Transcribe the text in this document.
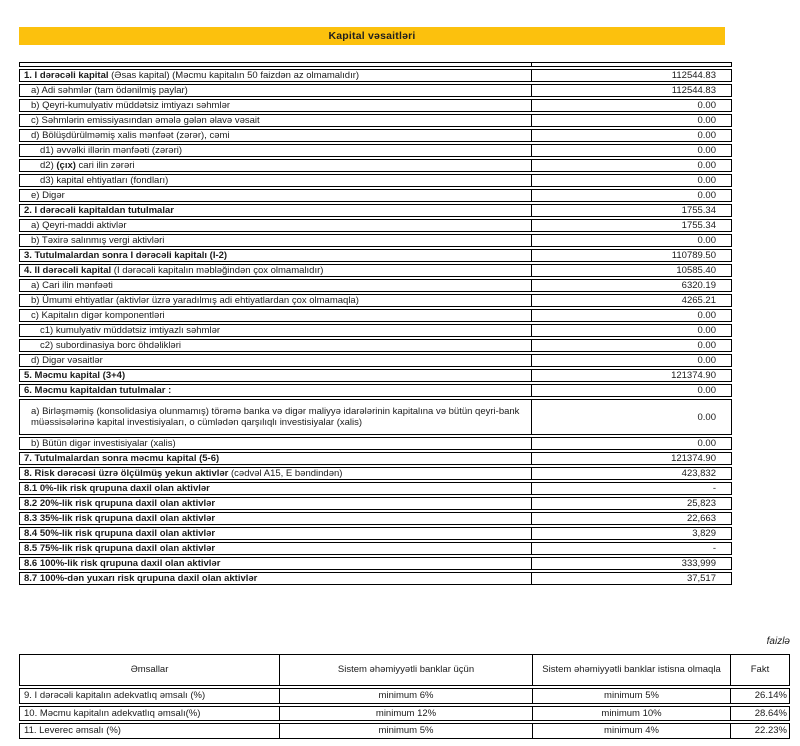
Kapital vəsaitləri

1. I dərəcəli kapital (Əsas kapital) (Məcmu kapitalın 50 faizdən az olmamalıdır)	112544.83
a) Adi səhmlər (tam ödənilmiş paylar)	112544.83
b) Qeyri-kumulyativ müddətsiz imtiyazı səhmlər	0.00
c) Səhmlərin emissiyasından əmələ gələn əlavə vəsait	0.00
d) Bölüşdürülməmiş xalis mənfəət (zərər), cəmi	0.00
d1) əvvəlki illərin mənfəəti (zərəri)	0.00
d2) (çıx) cari ilin zərəri	0.00
d3) kapital ehtiyatları (fondları)	0.00
e) Digər	0.00
2. I dərəcəli kapitaldan tutulmalar	1755.34
a) Qeyri-maddi aktivlər	1755.34
b) Təxirə salınmış vergi aktivləri	0.00
3. Tutulmalardan sonra I dərəcəli kapitalı (I-2)	110789.50
4. II dərəcəli kapital (I dərəcəli kapitalın məbləğindən çox olmamalıdır)	10585.40
a) Cari ilin mənfəəti	6320.19
b) Ümumi ehtiyatlar (aktivlər üzrə yaradılmış adi ehtiyatlardan çox olmamaqla)	4265.21
c) Kapitalın digər komponentləri	0.00
c1) kumulyativ müddətsiz imtiyazlı səhmlər	0.00
c2) subordinasiya borc öhdəlikləri	0.00
d) Digər vəsaitlər	0.00
5. Məcmu kapital (3+4)	121374.90
6. Məcmu kapitaldan tutulmalar :	0.00
a) Birləşməmiş (konsolidasiya olunmamış) törəmə banka və digər maliyyə idarələrinin kapitalına və bütün qeyri-bank müəssisələrinə kapital investisiyaları, o cümlədən qarşılıqlı investisiyalar (xalis)	0.00
b) Bütün digər investisiyalar (xalis)	0.00
7. Tutulmalardan sonra məcmu kapital (5-6)	121374.90
8. Risk dərəcəsi üzrə ölçülmüş yekun aktivlər (cədvəl A15, E bəndindən)	423,832
8.1 0%-lik risk qrupuna daxil olan aktivlər	-
8.2 20%-lik risk qrupuna daxil olan aktivlər	25,823
8.3 35%-lik risk qrupuna daxil olan aktivlər	22,663
8.4 50%-lik risk qrupuna daxil olan aktivlər	3,829
8.5 75%-lik risk qrupuna daxil olan aktivlər	-
8.6 100%-lik risk qrupuna daxil olan aktivlər	333,999
8.7 100%-dən yuxarı risk qrupuna daxil olan aktivlər	37,517
faizlə
Əmsallar	Sistem əhəmiyyətli banklar üçün	Sistem əhəmiyyətli banklar istisna olmaqla	Fakt
9. I dərəcəli kapitalın adekvatlıq əmsalı (%)	minimum 6%	minimum 5%	26.14%
10. Məcmu kapitalın adekvatlıq əmsalı(%)	minimum 12%	minimum 10%	28.64%
11. Leverec əmsalı (%)	minimum 5%	minimum 4%	22.23%
